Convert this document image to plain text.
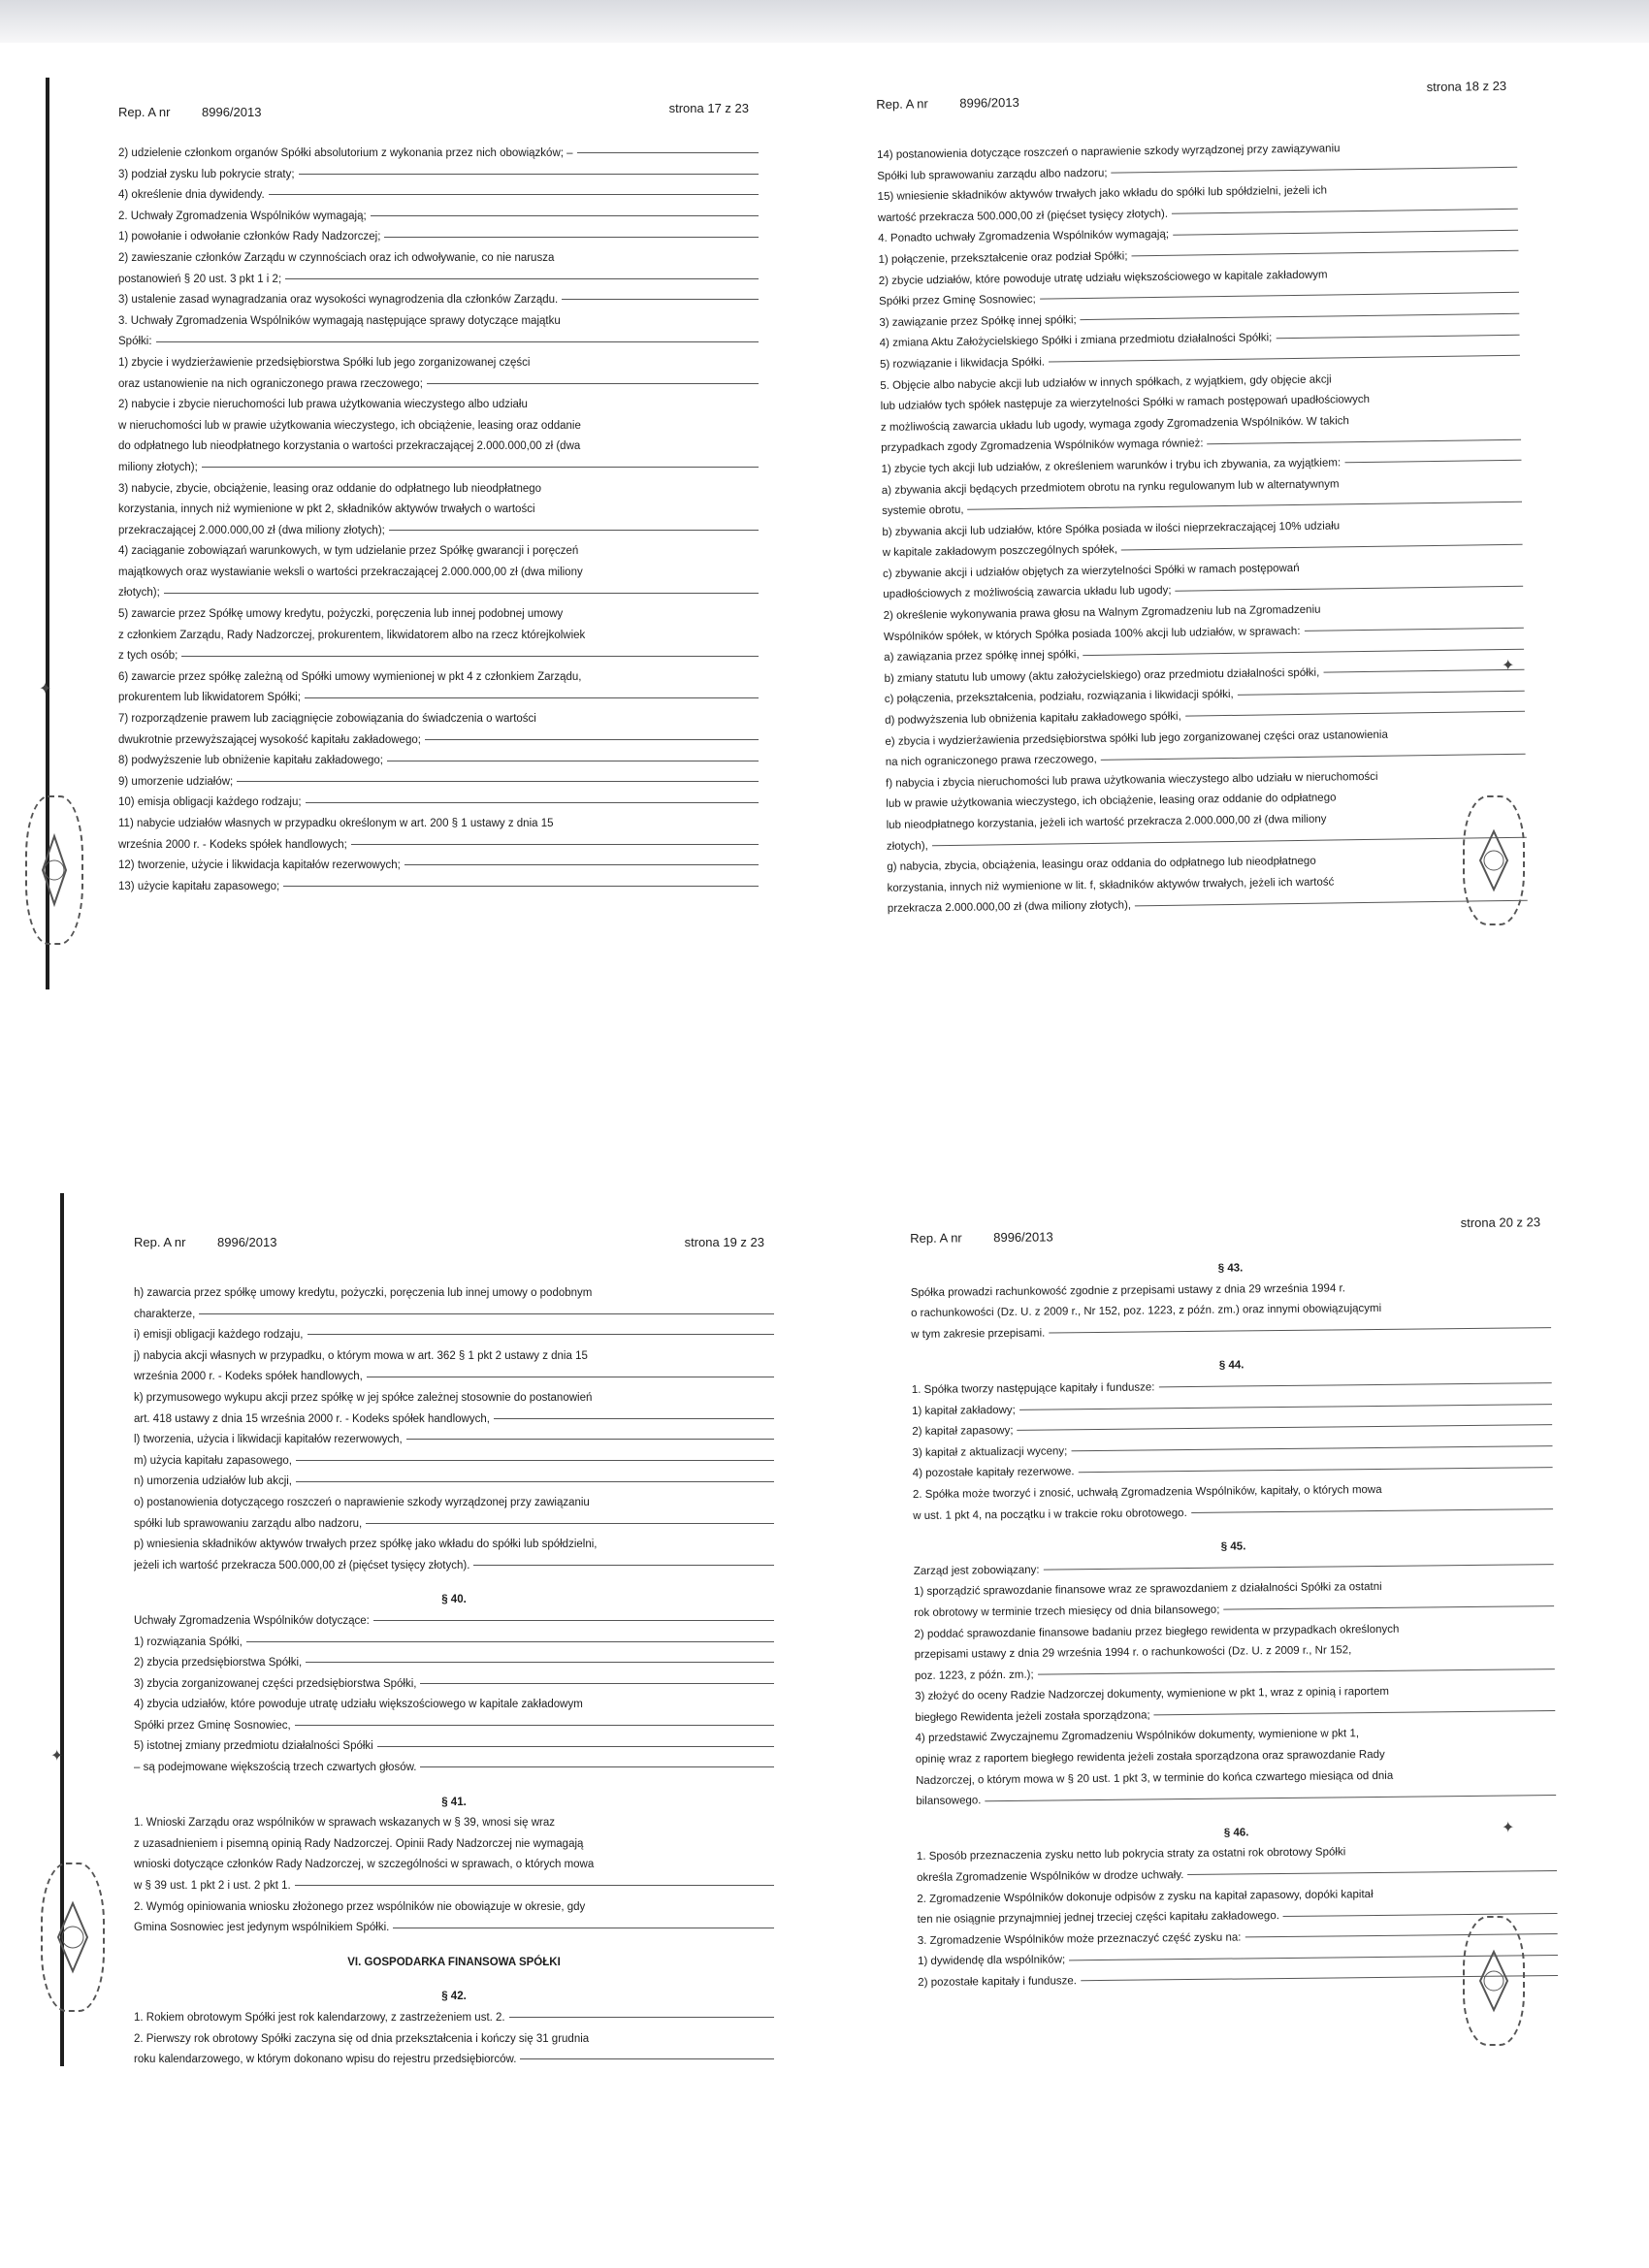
✦
✦
✦
✦
Rep. A nr	8996/2013	strona 17 z 23
2) udzielenie członkom organów Spółki absolutorium z wykonania przez nich obowiązków; –
3) podział zysku lub pokrycie straty;
4) określenie dnia dywidendy.
2. Uchwały Zgromadzenia Wspólników wymagają;
1) powołanie i odwołanie członków Rady Nadzorczej;
2) zawieszanie członków Zarządu w czynnościach oraz ich odwoływanie, co nie narusza
postanowień § 20 ust. 3 pkt 1 i 2;
3) ustalenie zasad wynagradzania oraz wysokości wynagrodzenia dla członków Zarządu.
3. Uchwały Zgromadzenia Wspólników wymagają następujące sprawy dotyczące majątku
Spółki:
1) zbycie i wydzierżawienie przedsiębiorstwa Spółki lub jego zorganizowanej części
oraz ustanowienie na nich ograniczonego prawa rzeczowego;
2) nabycie i zbycie nieruchomości lub prawa użytkowania wieczystego albo udziału
w nieruchomości lub w prawie użytkowania wieczystego, ich obciążenie, leasing oraz oddanie
do odpłatnego lub nieodpłatnego korzystania o wartości przekraczającej 2.000.000,00 zł (dwa
miliony złotych);
3) nabycie, zbycie, obciążenie, leasing oraz oddanie do odpłatnego lub nieodpłatnego
korzystania, innych niż wymienione w pkt 2, składników aktywów trwałych o wartości
przekraczającej 2.000.000,00 zł (dwa miliony złotych);
4) zaciąganie zobowiązań warunkowych, w tym udzielanie przez Spółkę gwarancji i poręczeń
majątkowych oraz wystawianie weksli o wartości przekraczającej 2.000.000,00 zł (dwa miliony
złotych);
5) zawarcie przez Spółkę umowy kredytu, pożyczki, poręczenia lub innej podobnej umowy
z członkiem Zarządu, Rady Nadzorczej, prokurentem, likwidatorem albo na rzecz którejkolwiek
z tych osób;
6) zawarcie przez spółkę zależną od Spółki umowy wymienionej w pkt 4 z członkiem Zarządu,
prokurentem lub likwidatorem Spółki;
7) rozporządzenie prawem lub zaciągnięcie zobowiązania do świadczenia o wartości
dwukrotnie przewyższającej wysokość kapitału zakładowego;
8) podwyższenie lub obniżenie kapitału zakładowego;
9) umorzenie udziałów;
10) emisja obligacji każdego rodzaju;
11) nabycie udziałów własnych w przypadku określonym w art. 200 § 1 ustawy z dnia 15
września 2000 r. - Kodeks spółek handlowych;
12) tworzenie, użycie i likwidacja kapitałów rezerwowych;
13) użycie kapitału zapasowego;
Rep. A nr 8996/2013
strona 18 z 23
14) postanowienia dotyczące roszczeń o naprawienie szkody wyrządzonej przy zawiązywaniu
Spółki lub sprawowaniu zarządu albo nadzoru;
15) wniesienie składników aktywów trwałych jako wkładu do spółki lub spółdzielni, jeżeli ich
wartość przekracza 500.000,00 zł (pięćset tysięcy złotych).
4. Ponadto uchwały Zgromadzenia Wspólników wymagają;
1) połączenie, przekształcenie oraz podział Spółki;
2) zbycie udziałów, które powoduje utratę udziału większościowego w kapitale zakładowym
Spółki przez Gminę Sosnowiec;
3) zawiązanie przez Spółkę innej spółki;
4) zmiana Aktu Założycielskiego Spółki i zmiana przedmiotu działalności Spółki;
5) rozwiązanie i likwidacja Spółki.
5. Objęcie albo nabycie akcji lub udziałów w innych spółkach, z wyjątkiem, gdy objęcie akcji
lub udziałów tych spółek następuje za wierzytelności Spółki w ramach postępowań upadłościowych
z możliwością zawarcia układu lub ugody, wymaga zgody Zgromadzenia Wspólników. W takich
przypadkach zgody Zgromadzenia Wspólników wymaga również:
1) zbycie tych akcji lub udziałów, z określeniem warunków i trybu ich zbywania, za wyjątkiem:
a) zbywania akcji będących przedmiotem obrotu na rynku regulowanym lub w alternatywnym
systemie obrotu,
b) zbywania akcji lub udziałów, które Spółka posiada w ilości nieprzekraczającej 10% udziału
w kapitale zakładowym poszczególnych spółek,
c) zbywanie akcji i udziałów objętych za wierzytelności Spółki w ramach postępowań
upadłościowych z możliwością zawarcia układu lub ugody;
2) określenie wykonywania prawa głosu na Walnym Zgromadzeniu lub na Zgromadzeniu
Wspólników spółek, w których Spółka posiada 100% akcji lub udziałów, w sprawach:
a) zawiązania przez spółkę innej spółki,
b) zmiany statutu lub umowy (aktu założycielskiego) oraz przedmiotu działalności spółki,
c) połączenia, przekształcenia, podziału, rozwiązania i likwidacji spółki,
d) podwyższenia lub obniżenia kapitału zakładowego spółki,
e) zbycia i wydzierżawienia przedsiębiorstwa spółki lub jego zorganizowanej części oraz ustanowienia
na nich ograniczonego prawa rzeczowego,
f) nabycia i zbycia nieruchomości lub prawa użytkowania wieczystego albo udziału w nieruchomości
lub w prawie użytkowania wieczystego, ich obciążenie, leasing oraz oddanie do odpłatnego
lub nieodpłatnego korzystania, jeżeli ich wartość przekracza 2.000.000,00 zł (dwa miliony
złotych),
g) nabycia, zbycia, obciążenia, leasingu oraz oddania do odpłatnego lub nieodpłatnego
korzystania, innych niż wymienione w lit. f, składników aktywów trwałych, jeżeli ich wartość
przekracza 2.000.000,00 zł (dwa miliony złotych),
Rep. A nr	8996/2013	strona 19 z 23
h) zawarcia przez spółkę umowy kredytu, pożyczki, poręczenia lub innej umowy o podobnym
charakterze,
i) emisji obligacji każdego rodzaju,
j) nabycia akcji własnych w przypadku, o którym mowa w art. 362 § 1 pkt 2 ustawy z dnia 15
września 2000 r. - Kodeks spółek handlowych,
k) przymusowego wykupu akcji przez spółkę w jej spółce zależnej stosownie do postanowień
art. 418 ustawy z dnia 15 września 2000 r. - Kodeks spółek handlowych,
l) tworzenia, użycia i likwidacji kapitałów rezerwowych,
m) użycia kapitału zapasowego,
n) umorzenia udziałów lub akcji,
o) postanowienia dotyczącego roszczeń o naprawienie szkody wyrządzonej przy zawiązaniu
spółki lub sprawowaniu zarządu albo nadzoru,
p) wniesienia składników aktywów trwałych przez spółkę jako wkładu do spółki lub spółdzielni,
jeżeli ich wartość przekracza 500.000,00 zł (pięćset tysięcy złotych).
§ 40.
Uchwały Zgromadzenia Wspólników dotyczące:
1) rozwiązania Spółki,
2) zbycia przedsiębiorstwa Spółki,
3) zbycia zorganizowanej części przedsiębiorstwa Spółki,
4) zbycia udziałów, które powoduje utratę udziału większościowego w kapitale zakładowym
Spółki przez Gminę Sosnowiec,
5) istotnej zmiany przedmiotu działalności Spółki
– są podejmowane większością trzech czwartych głosów.
§ 41.
1. Wnioski Zarządu oraz wspólników w sprawach wskazanych w § 39, wnosi się wraz
z uzasadnieniem i pisemną opinią Rady Nadzorczej. Opinii Rady Nadzorczej nie wymagają
wnioski dotyczące członków Rady Nadzorczej, w szczególności w sprawach, o których mowa
w § 39 ust. 1 pkt 2 i ust. 2 pkt 1.
2. Wymóg opiniowania wniosku złożonego przez wspólników nie obowiązuje w okresie, gdy
Gmina Sosnowiec jest jedynym wspólnikiem Spółki.
VI. GOSPODARKA FINANSOWA SPÓŁKI
§ 42.
1. Rokiem obrotowym Spółki jest rok kalendarzowy, z zastrzeżeniem ust. 2.
2. Pierwszy rok obrotowy Spółki zaczyna się od dnia przekształcenia i kończy się 31 grudnia
roku kalendarzowego, w którym dokonano wpisu do rejestru przedsiębiorców.
Rep. A nr 8996/2013
strona 20 z 23
§ 43.
Spółka prowadzi rachunkowość zgodnie z przepisami ustawy z dnia 29 września 1994 r.
o rachunkowości (Dz. U. z 2009 r., Nr 152, poz. 1223, z późn. zm.) oraz innymi obowiązującymi
w tym zakresie przepisami.
§ 44.
1. Spółka tworzy następujące kapitały i fundusze:
1) kapitał zakładowy;
2) kapitał zapasowy;
3) kapitał z aktualizacji wyceny;
4) pozostałe kapitały rezerwowe.
2. Spółka może tworzyć i znosić, uchwałą Zgromadzenia Wspólników, kapitały, o których mowa
w ust. 1 pkt 4, na początku i w trakcie roku obrotowego.
§ 45.
Zarząd jest zobowiązany:
1) sporządzić sprawozdanie finansowe wraz ze sprawozdaniem z działalności Spółki za ostatni
rok obrotowy w terminie trzech miesięcy od dnia bilansowego;
2) poddać sprawozdanie finansowe badaniu przez biegłego rewidenta w przypadkach określonych
przepisami ustawy z dnia 29 września 1994 r. o rachunkowości (Dz. U. z 2009 r., Nr 152,
poz. 1223, z późn. zm.);
3) złożyć do oceny Radzie Nadzorczej dokumenty, wymienione w pkt 1, wraz z opinią i raportem
biegłego Rewidenta jeżeli została sporządzona;
4) przedstawić Zwyczajnemu Zgromadzeniu Wspólników dokumenty, wymienione w pkt 1,
opinię wraz z raportem biegłego rewidenta jeżeli została sporządzona oraz sprawozdanie Rady
Nadzorczej, o którym mowa w § 20 ust. 1 pkt 3, w terminie do końca czwartego miesiąca od dnia
bilansowego.
§ 46.
1. Sposób przeznaczenia zysku netto lub pokrycia straty za ostatni rok obrotowy Spółki
określa Zgromadzenie Wspólników w drodze uchwały.
2. Zgromadzenie Wspólników dokonuje odpisów z zysku na kapitał zapasowy, dopóki kapitał
ten nie osiągnie przynajmniej jednej trzeciej części kapitału zakładowego.
3. Zgromadzenie Wspólników może przeznaczyć część zysku na:
1) dywidendę dla wspólników;
2) pozostałe kapitały i fundusze.
